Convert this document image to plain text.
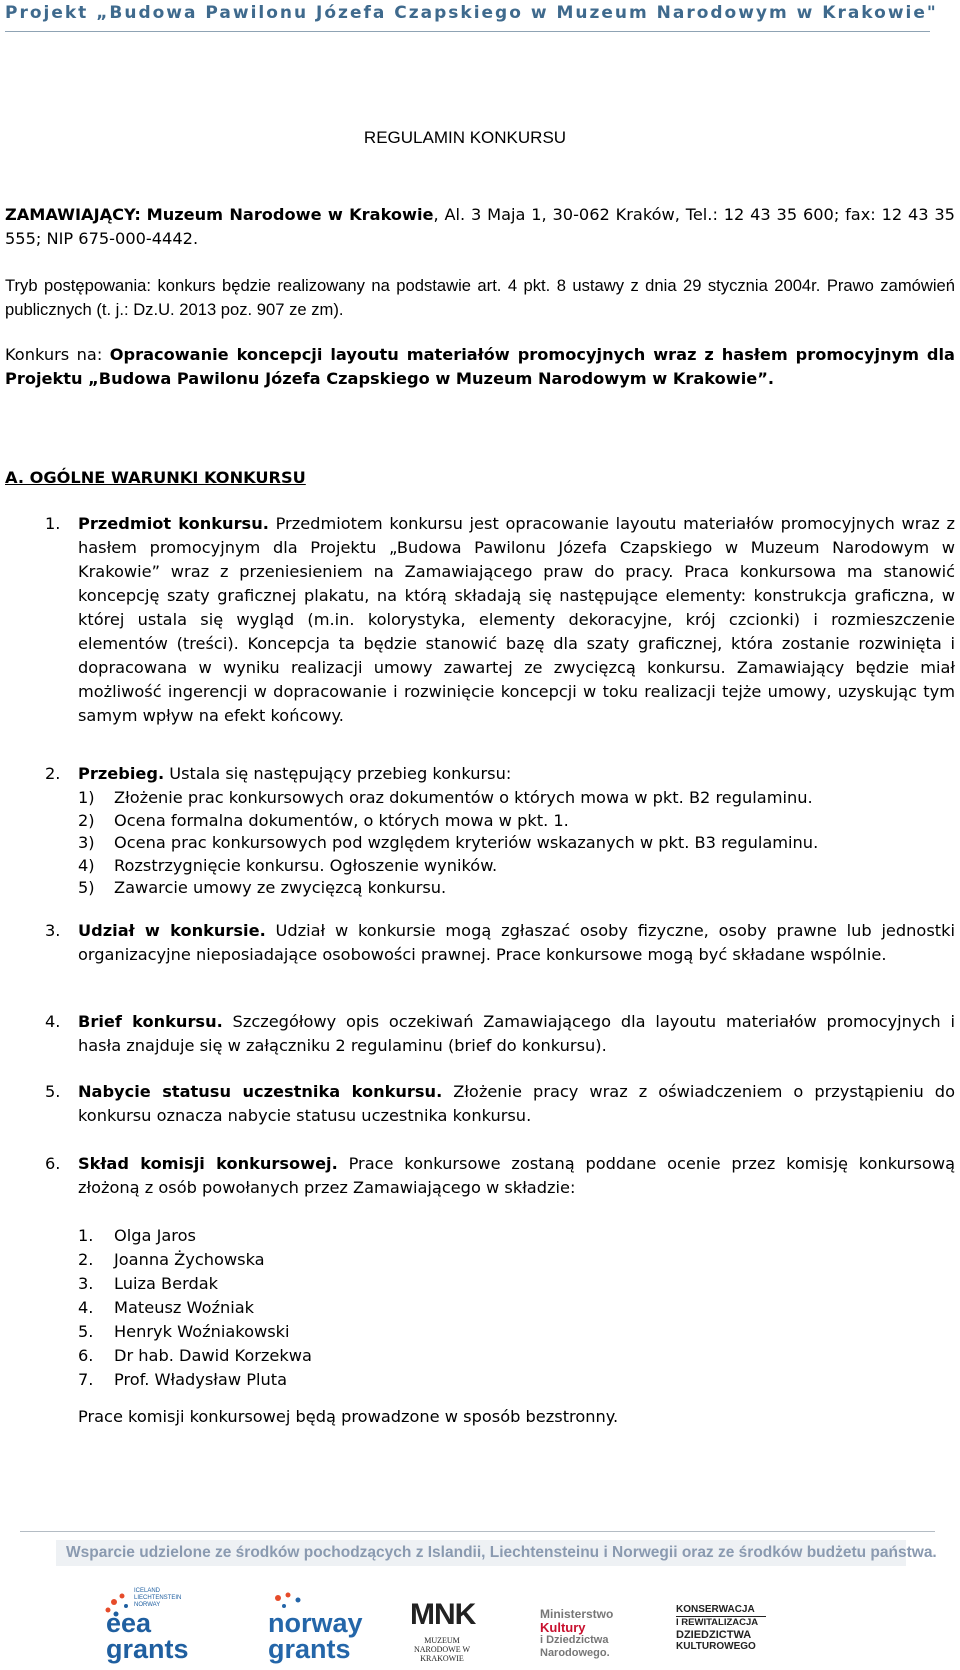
Projekt „Budowa Pawilonu Józefa Czapskiego w Muzeum Narodowym w Krakowie"
REGULAMIN KONKURSU
ZAMAWIAJĄCY: Muzeum Narodowe w Krakowie, Al. 3 Maja 1, 30-062 Kraków, Tel.: 12 43 35 600; fax: 12 43 35 555; NIP 675-000-4442.
Tryb postępowania: konkurs będzie realizowany na podstawie art. 4 pkt. 8 ustawy z dnia 29 stycznia 2004r. Prawo zamówień publicznych (t. j.: Dz.U. 2013 poz. 907 ze zm).
Konkurs na: Opracowanie koncepcji layoutu materiałów promocyjnych wraz z hasłem promocyjnym dla Projektu „Budowa Pawilonu Józefa Czapskiego w Muzeum Narodowym w Krakowie”.
A. OGÓLNE WARUNKI KONKURSU
1. Przedmiot konkursu. Przedmiotem konkursu jest opracowanie layoutu materiałów promocyjnych wraz z hasłem promocyjnym dla Projektu „Budowa Pawilonu Józefa Czapskiego w Muzeum Narodowym w Krakowie” wraz z przeniesieniem na Zamawiającego praw do pracy. Praca konkursowa ma stanowić koncepcję szaty graficznej plakatu, na którą składają się następujące elementy: konstrukcja graficzna, w której ustala się wygląd (m.in. kolorystyka, elementy dekoracyjne, krój czcionki) i rozmieszczenie elementów (treści). Koncepcja ta będzie stanowić bazę dla szaty graficznej, która zostanie rozwinięta i dopracowana w wyniku realizacji umowy zawartej ze zwycięzcą konkursu. Zamawiający będzie miał możliwość ingerencji w dopracowanie i rozwinięcie koncepcji w toku realizacji tejże umowy, uzyskując tym samym wpływ na efekt końcowy.
2. Przebieg. Ustala się następujący przebieg konkursu:
1) Złożenie prac konkursowych oraz dokumentów o których mowa w pkt. B2 regulaminu.
2) Ocena formalna dokumentów, o których mowa w pkt. 1.
3) Ocena prac konkursowych pod względem kryteriów wskazanych w pkt. B3 regulaminu.
4) Rozstrzygnięcie konkursu. Ogłoszenie wyników.
5) Zawarcie umowy ze zwycięzcą konkursu.
3. Udział w konkursie. Udział w konkursie mogą zgłaszać osoby fizyczne, osoby prawne lub jednostki organizacyjne nieposiadające osobowości prawnej. Prace konkursowe mogą być składane wspólnie.
4. Brief konkursu. Szczegółowy opis oczekiwań Zamawiającego dla layoutu materiałów promocyjnych i hasła znajduje się w załączniku 2 regulaminu (brief do konkursu).
5. Nabycie statusu uczestnika konkursu. Złożenie pracy wraz z oświadczeniem o przystąpieniu do konkursu oznacza nabycie statusu uczestnika konkursu.
6. Skład komisji konkursowej. Prace konkursowe zostaną poddane ocenie przez komisję konkursową złożoną z osób powołanych przez Zamawiającego w składzie:
1. Olga Jaros
2. Joanna Żychowska
3. Luiza Berdak
4. Mateusz Woźniak
5. Henryk Woźniakowski
6. Dr hab. Dawid Korzekwa
7. Prof. Władysław Pluta
Prace komisji konkursowej będą prowadzone w sposób bezstronny.
Wsparcie udzielone ze środków pochodzących z Islandii, Liechtensteinu i Norwegii oraz ze środków budżetu państwa.
ICELAND LIECHTENSTEIN NORWAY
eea
grants
norway
grants
MNK
MUZEUM NARODOWE W KRAKOWIE
Ministerstwo
Kultury
i Dziedzictwa
Narodowego.
KONSERWACJA
I REWITALIZACJA
DZIEDZICTWA
KULTUROWEGO
